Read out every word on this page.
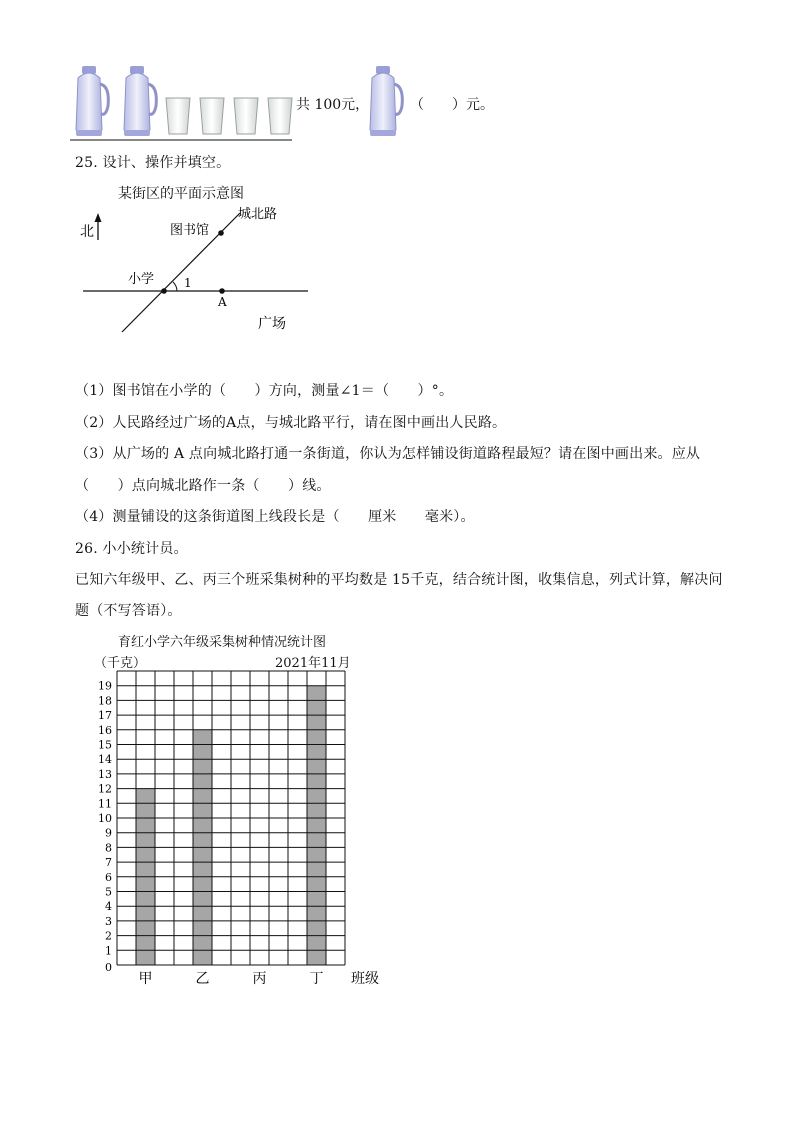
共 100元，	（　　）元。
25. 设计、操作并填空。
某街区的平面示意图
北	图书馆
城北路
小学 1
A
广场
（1）图书馆在小学的（　　）方向，测量∠1＝（　　）°。
（2）人民路经过广场的A点，与城北路平行，请在图中画出人民路。
（3）从广场的 A 点向城北路打通一条街道，你认为怎样铺设街道路程最短？请在图中画出来。应从
（　　）点向城北路作一条（　　）线。
（4）测量铺设的这条街道图上线段长是（　　厘米　　毫米）。
26. 小小统计员。
已知六年级甲、乙、丙三个班采集树种的平均数是 15千克，结合统计图，收集信息，列式计算，解决问
题（不写答语）。
育红小学六年级采集树种情况统计图
（千克）	2021年11月
0
1
2
3
4
5
6
7
8
9
10
11
12
13
14
15
16
17
18
19
甲	乙	丙	丁 班级
